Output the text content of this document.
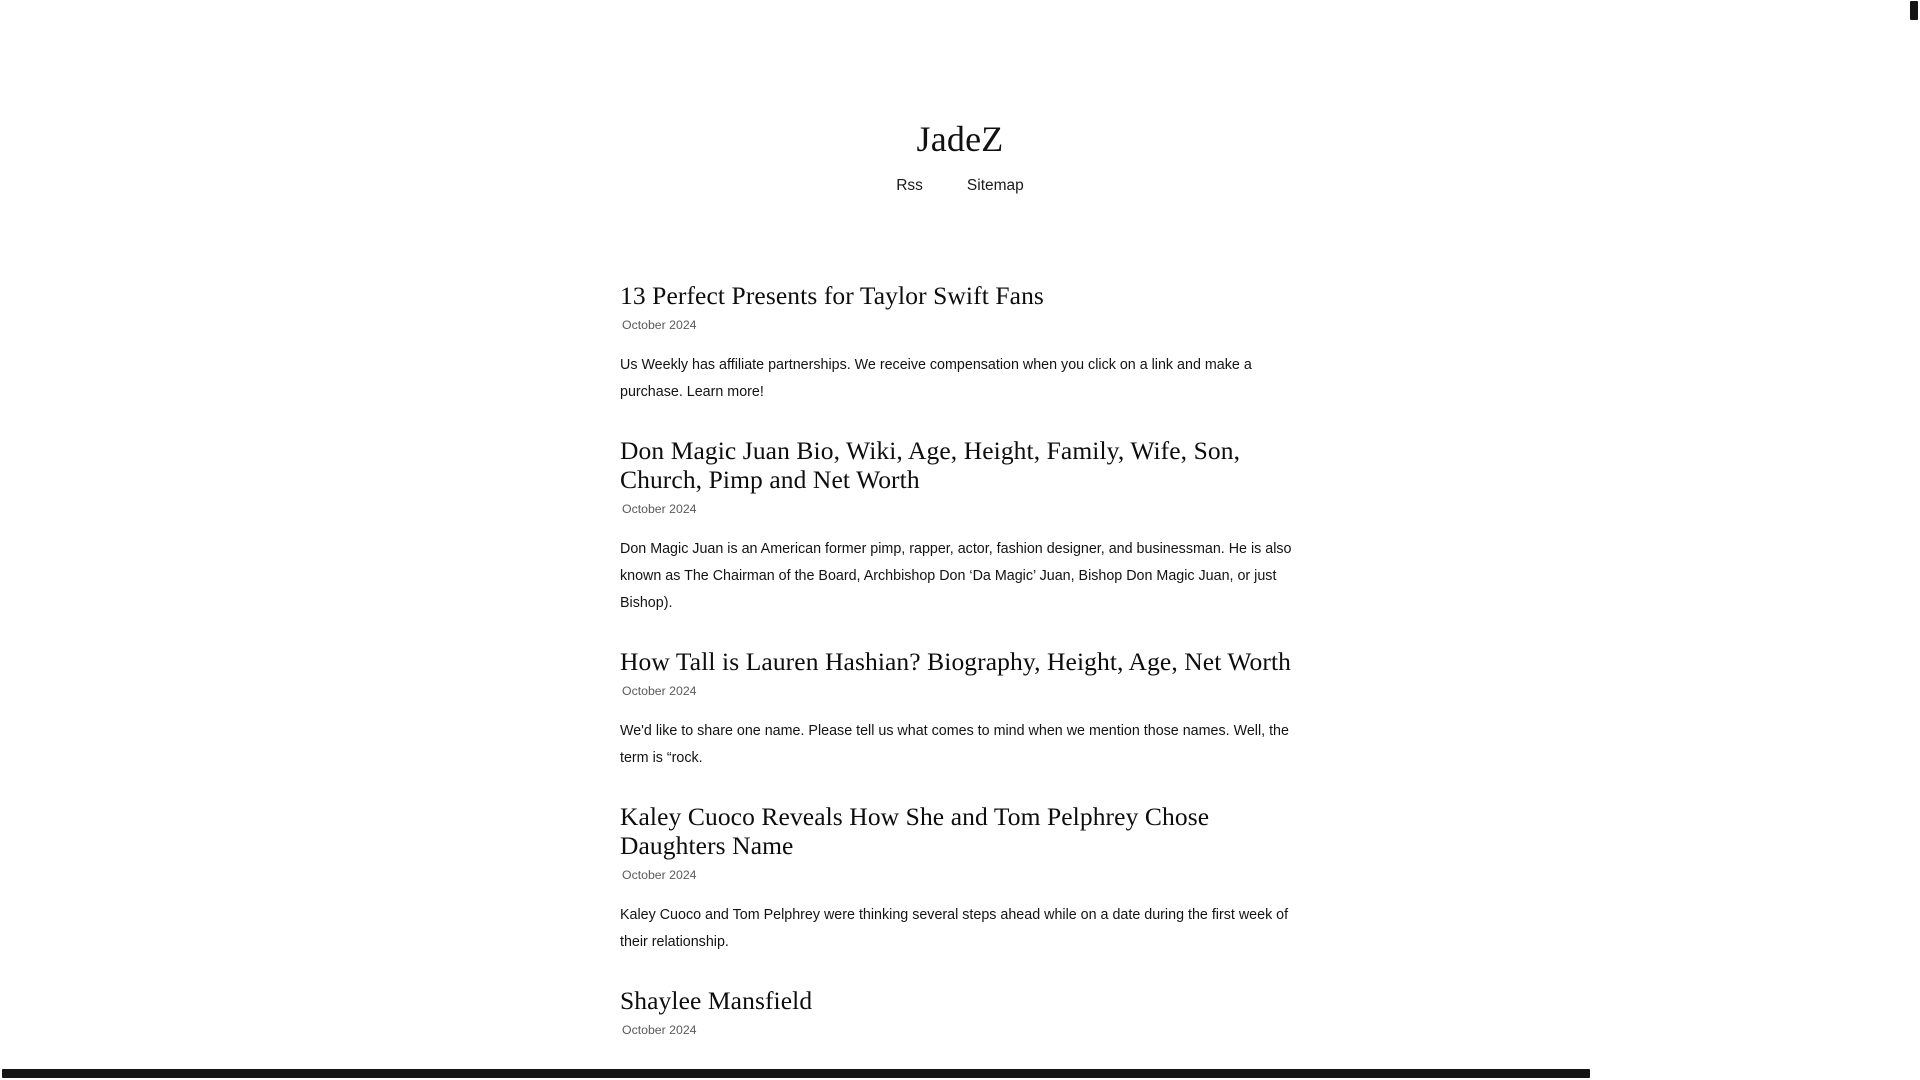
JadeZ
Rss	Sitemap
13 Perfect Presents for Taylor Swift Fans
October 2024

Us Weekly has affiliate partnerships. We receive compensation when you click on a link and make a purchase. Learn more!

Don Magic Juan Bio, Wiki, Age, Height, Family, Wife, Son, Church, Pimp and Net Worth
October 2024

Don Magic Juan is an American former pimp, rapper, actor, fashion designer, and businessman. He is also known as The Chairman of the Board, Archbishop Don ‘Da Magic’ Juan, Bishop Don Magic Juan, or just Bishop).

How Tall is Lauren Hashian? Biography, Height, Age, Net Worth
October 2024

We'd like to share one name. Please tell us what comes to mind when we mention those names. Well, the term is “rock.

Kaley Cuoco Reveals How She and Tom Pelphrey Chose Daughters Name
October 2024

Kaley Cuoco and Tom Pelphrey were thinking several steps ahead while on a date during the first week of their relationship.

Shaylee Mansfield
October 2024
